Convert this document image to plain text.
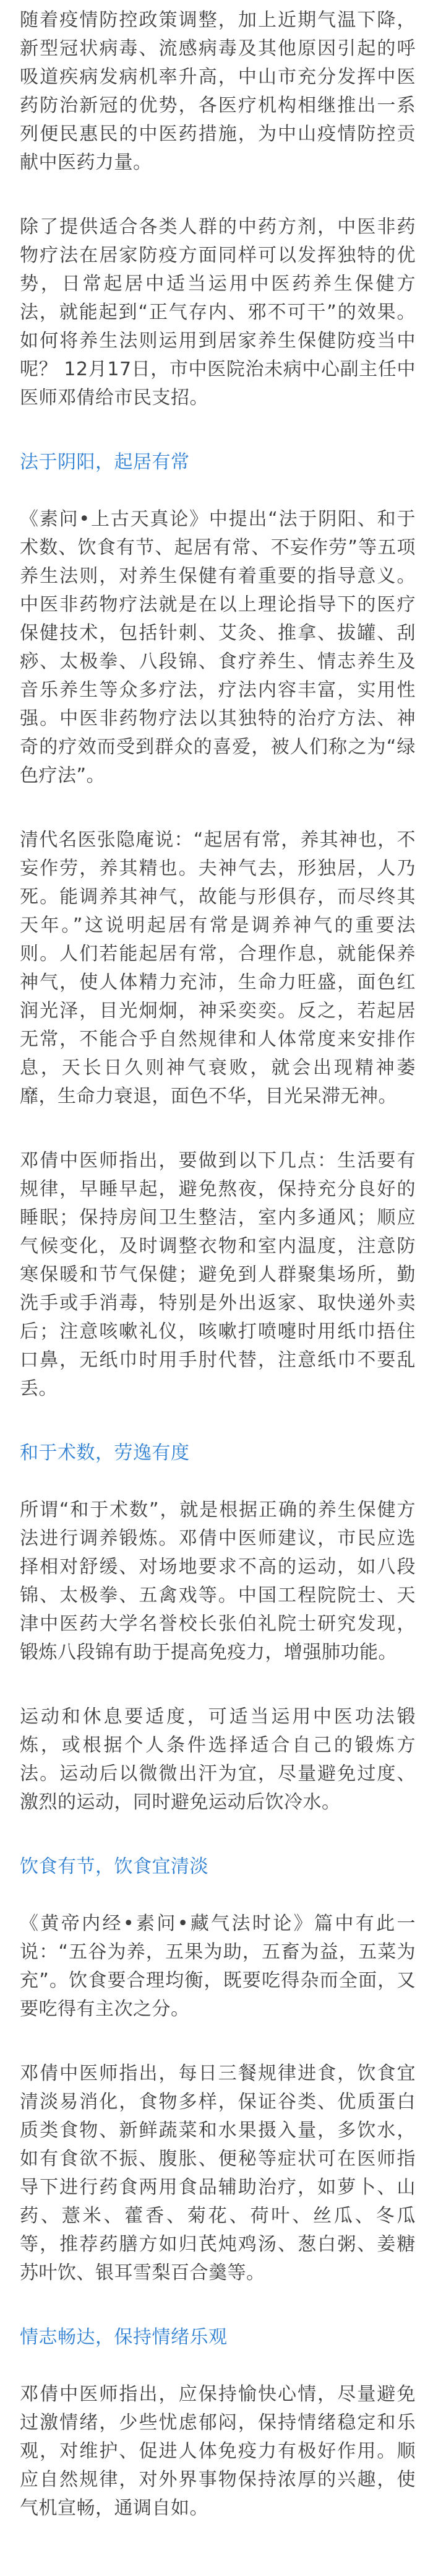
随着疫情防控政策调整，加上近期气温下降，新型冠状病毒、流感病毒及其他原因引起的呼吸道疾病发病机率升高，中山市充分发挥中医药防治新冠的优势，各医疗机构相继推出一系列便民惠民的中医药措施，为中山疫情防控贡献中医药力量。

除了提供适合各类人群的中药方剂，中医非药物疗法在居家防疫方面同样可以发挥独特的优势，日常起居中适当运用中医药养生保健方法，就能起到“正气存内、邪不可干”的效果。如何将养生法则运用到居家养生保健防疫当中呢？ 12月17日，市中医院治未病中心副主任中医师邓倩给市民支招。

法于阴阳，起居有常

《素问•上古天真论》中提出“法于阴阳、和于术数、饮食有节、起居有常、不妄作劳”等五项养生法则，对养生保健有着重要的指导意义。中医非药物疗法就是在以上理论指导下的医疗保健技术，包括针刺、艾灸、推拿、拔罐、刮痧、太极拳、八段锦、食疗养生、情志养生及音乐养生等众多疗法，疗法内容丰富，实用性强。中医非药物疗法以其独特的治疗方法、神奇的疗效而受到群众的喜爱，被人们称之为“绿色疗法”。

清代名医张隐庵说：“起居有常，养其神也，不妄作劳，养其精也。夫神气去，形独居，人乃死。能调养其神气，故能与形俱存，而尽终其天年。”这说明起居有常是调养神气的重要法则。人们若能起居有常，合理作息，就能保养神气，使人体精力充沛，生命力旺盛，面色红润光泽，目光炯炯，神采奕奕。反之，若起居无常，不能合乎自然规律和人体常度来安排作息，天长日久则神气衰败，就会出现精神萎靡，生命力衰退，面色不华，目光呆滞无神。

邓倩中医师指出，要做到以下几点：生活要有规律，早睡早起，避免熬夜，保持充分良好的睡眠；保持房间卫生整洁，室内多通风；顺应气候变化，及时调整衣物和室内温度，注意防寒保暖和节气保健；避免到人群聚集场所，勤洗手或手消毒，特别是外出返家、取快递外卖后；注意咳嗽礼仪，咳嗽打喷嚏时用纸巾捂住口鼻，无纸巾时用手肘代替，注意纸巾不要乱丢。

和于术数，劳逸有度

所谓“和于术数”，就是根据正确的养生保健方法进行调养锻炼。邓倩中医师建议，市民应选择相对舒缓、对场地要求不高的运动，如八段锦、太极拳、五禽戏等。中国工程院院士、天津中医药大学名誉校长张伯礼院士研究发现，锻炼八段锦有助于提高免疫力，增强肺功能。

运动和休息要适度，可适当运用中医功法锻炼，或根据个人条件选择适合自己的锻炼方法。运动后以微微出汗为宜，尽量避免过度、激烈的运动，同时避免运动后饮冷水。

饮食有节，饮食宜清淡

《黄帝内经•素问•藏气法时论》篇中有此一说：“五谷为养，五果为助，五畜为益，五菜为充”。饮食要合理均衡，既要吃得杂而全面，又要吃得有主次之分。

邓倩中医师指出，每日三餐规律进食，饮食宜清淡易消化，食物多样，保证谷类、优质蛋白质类食物、新鲜蔬菜和水果摄入量，多饮水，如有食欲不振、腹胀、便秘等症状可在医师指导下进行药食两用食品辅助治疗，如萝卜、山药、薏米、藿香、菊花、荷叶、丝瓜、冬瓜等，推荐药膳方如归芪炖鸡汤、葱白粥、姜糖苏叶饮、银耳雪梨百合羹等。

情志畅达，保持情绪乐观

邓倩中医师指出，应保持愉快心情，尽量避免过激情绪，少些忧虑郁闷，保持情绪稳定和乐观，对维护、促进人体免疫力有极好作用。顺应自然规律，对外界事物保持浓厚的兴趣，使气机宣畅，通调自如。
